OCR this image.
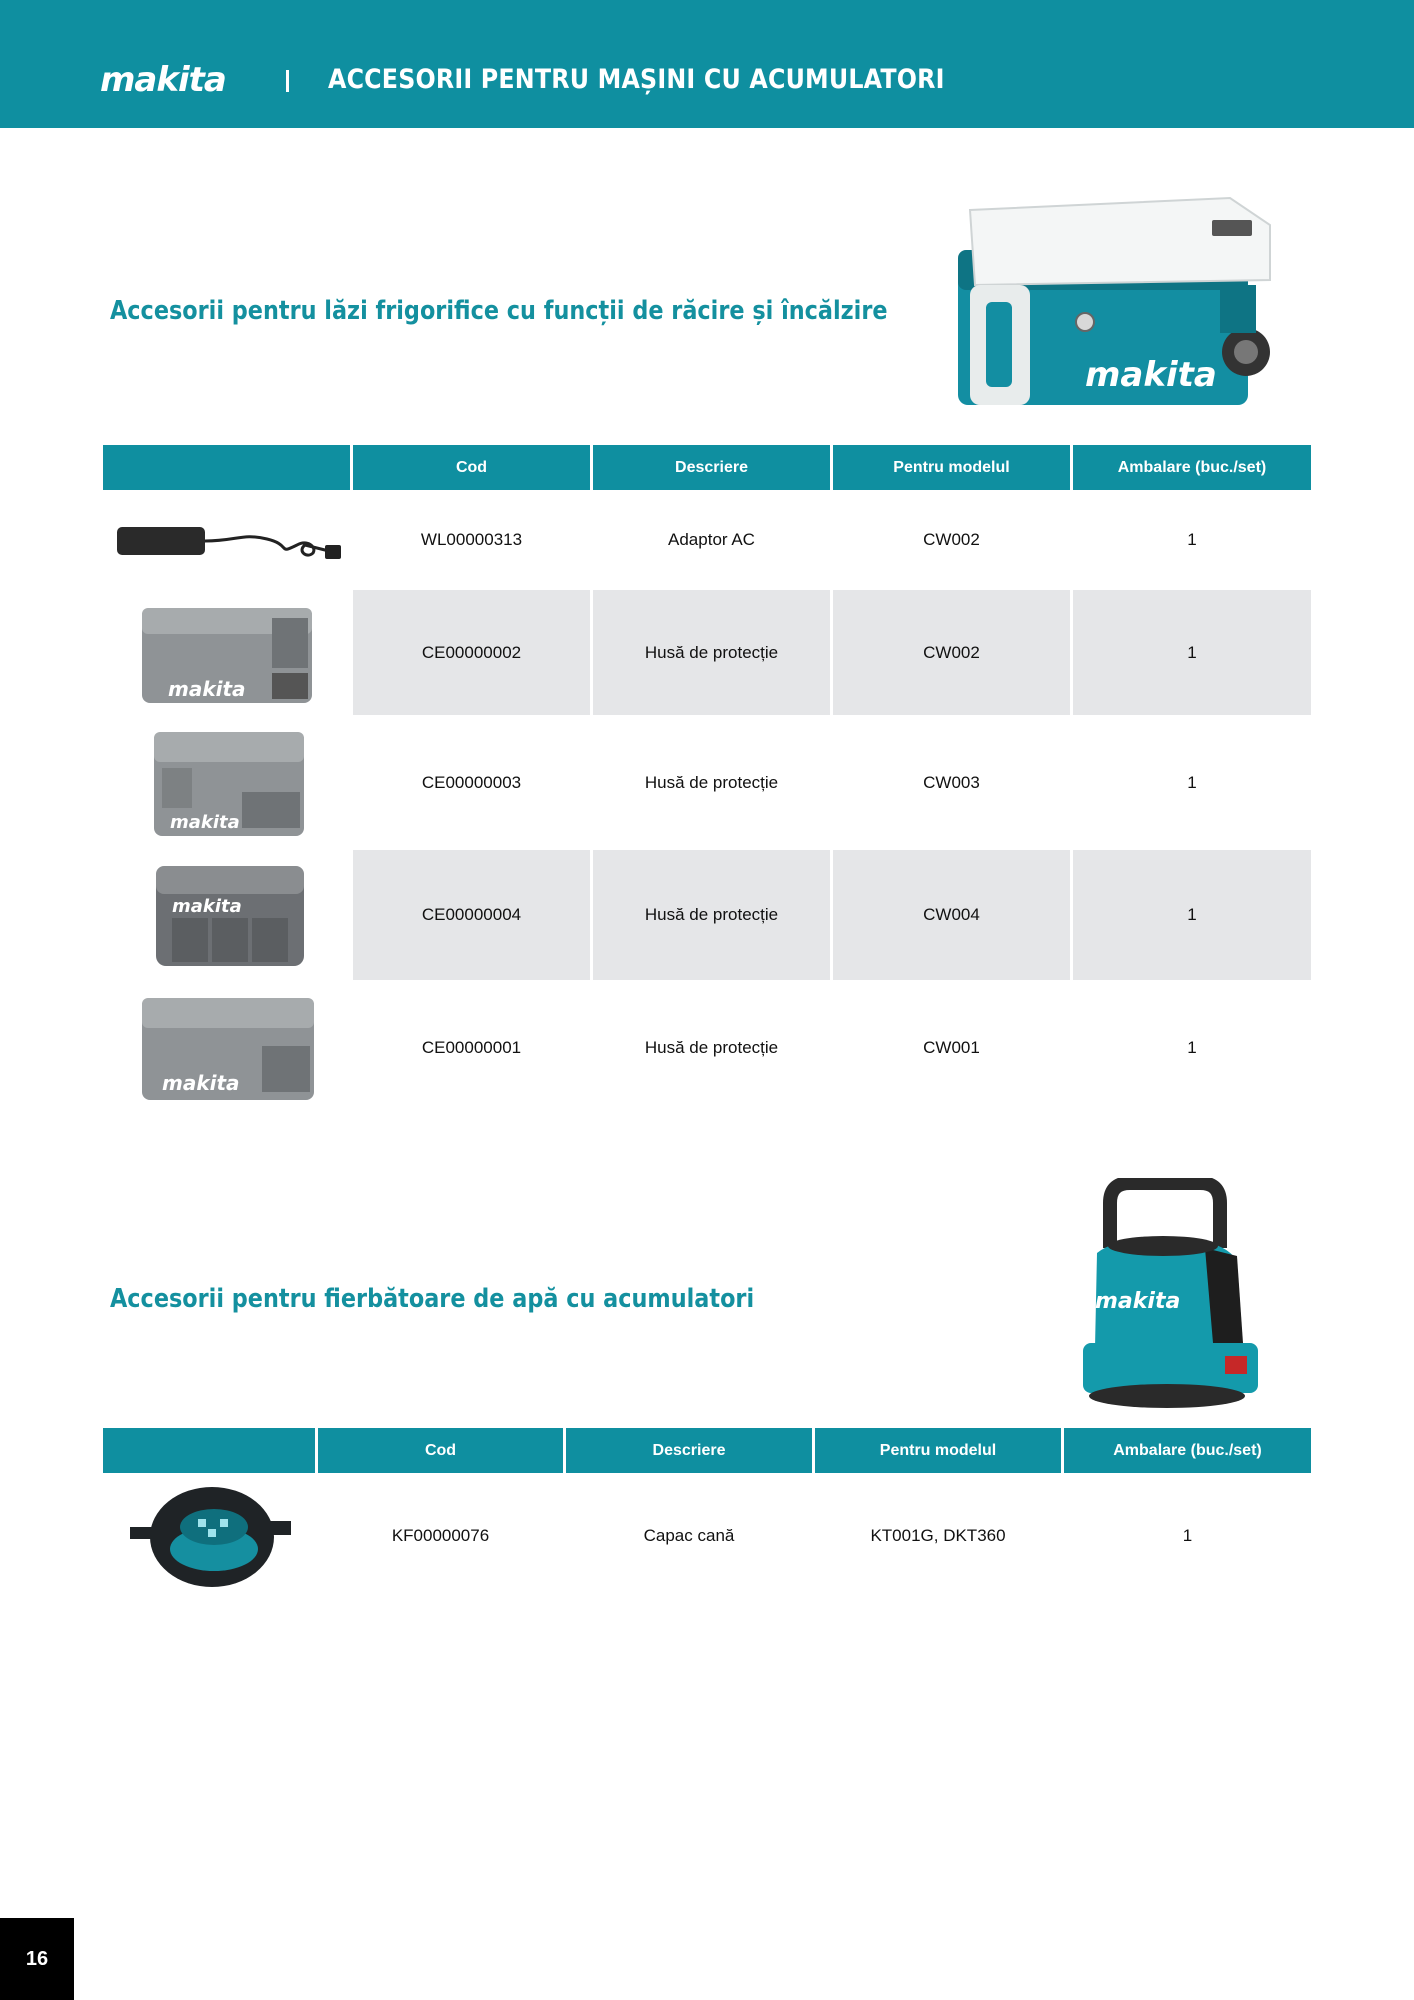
makita	ACCESORII PENTRU MAȘINI CU ACUMULATORI
Accesorii pentru lăzi frigorifice cu funcții de răcire și încălzire
makita
Cod	Descriere	Pentru modelul	Ambalare (buc./set)
WL00000313	Adaptor AC	CW002	1
makita
CE00000002	Husă de protecție	CW002	1
makita
CE00000003	Husă de protecție	CW003	1
makita	CE00000004	Husă de protecție	CW004	1
makita
CE00000001	Husă de protecție	CW001	1
Accesorii pentru fierbătoare de apă cu acumulatori	makita
Cod	Descriere	Pentru modelul	Ambalare (buc./set)
KF00000076	Capac cană	KT001G, DKT360	1
16
